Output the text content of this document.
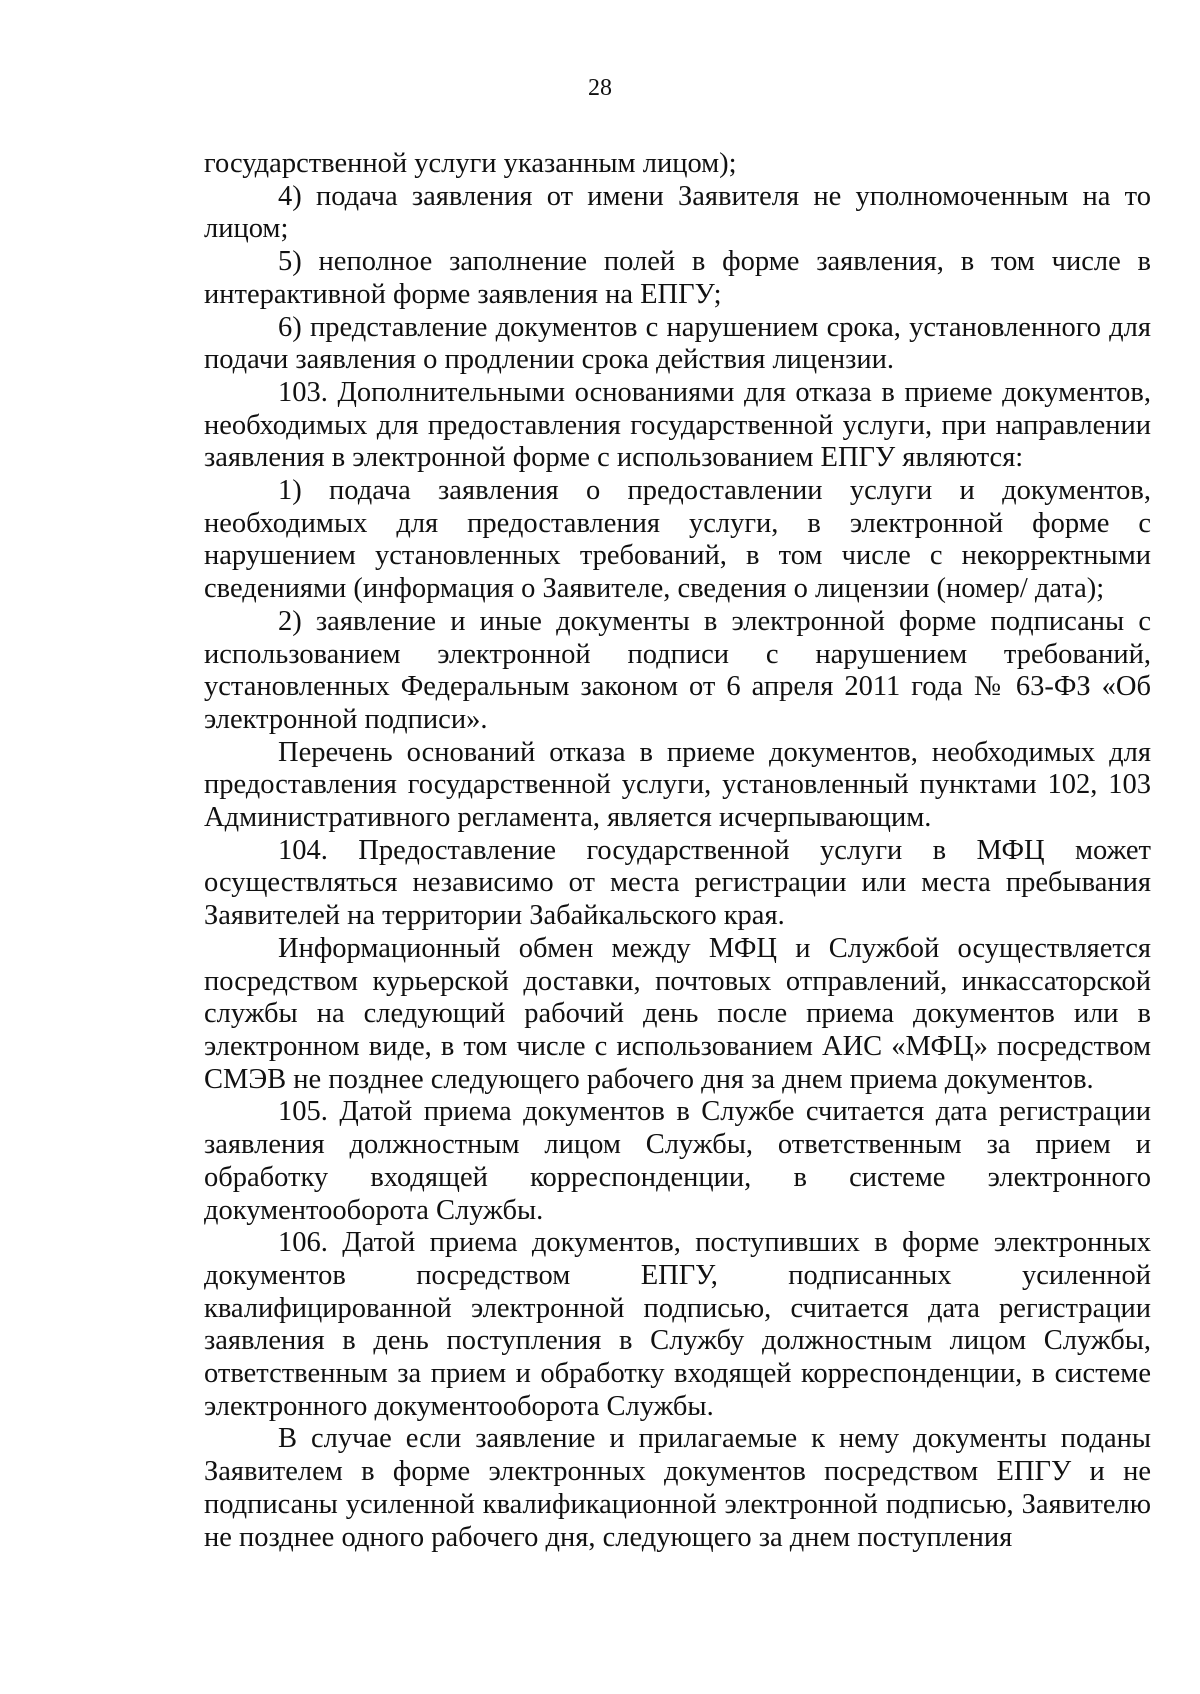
28

государственной услуги указанным лицом);

4) подача заявления от имени Заявителя не уполномоченным на то лицом;

5) неполное заполнение полей в форме заявления, в том числе в интерактивной форме заявления на ЕПГУ;

6) представление документов с нарушением срока, установленного для подачи заявления о продлении срока действия лицензии.

103. Дополнительными основаниями для отказа в приеме документов, необходимых для предоставления государственной услуги, при направлении заявления в электронной форме с использованием ЕПГУ являются:

1) подача заявления о предоставлении услуги и документов, необходимых для предоставления услуги, в электронной форме с нарушением установленных требований, в том числе с некорректными сведениями (информация о Заявителе, сведения о лицензии (номер/ дата);

2) заявление и иные документы в электронной форме подписаны с использованием электронной подписи с нарушением требований, установленных Федеральным законом от 6 апреля 2011 года № 63-ФЗ «Об электронной подписи».

Перечень оснований отказа в приеме документов, необходимых для предоставления государственной услуги, установленный пунктами 102, 103 Административного регламента, является исчерпывающим.

104. Предоставление государственной услуги в МФЦ может осуществляться независимо от места регистрации или места пребывания Заявителей на территории Забайкальского края.

Информационный обмен между МФЦ и Службой осуществляется посредством курьерской доставки, почтовых отправлений, инкассаторской службы на следующий рабочий день после приема документов или в электронном виде, в том числе с использованием АИС «МФЦ» посредством СМЭВ не позднее следующего рабочего дня за днем приема документов.

105. Датой приема документов в Службе считается дата регистрации заявления должностным лицом Службы, ответственным за прием и обработку входящей корреспонденции, в системе электронного документооборота Службы.

106. Датой приема документов, поступивших в форме электронных документов посредством ЕПГУ, подписанных усиленной квалифицированной электронной подписью, считается дата регистрации заявления в день поступления в Службу должностным лицом Службы, ответственным за прием и обработку входящей корреспонденции, в системе электронного документооборота Службы.

В случае если заявление и прилагаемые к нему документы поданы Заявителем в форме электронных документов посредством ЕПГУ и не подписаны усиленной квалификационной электронной подписью, Заявителю не позднее одного рабочего дня, следующего за днем поступления
